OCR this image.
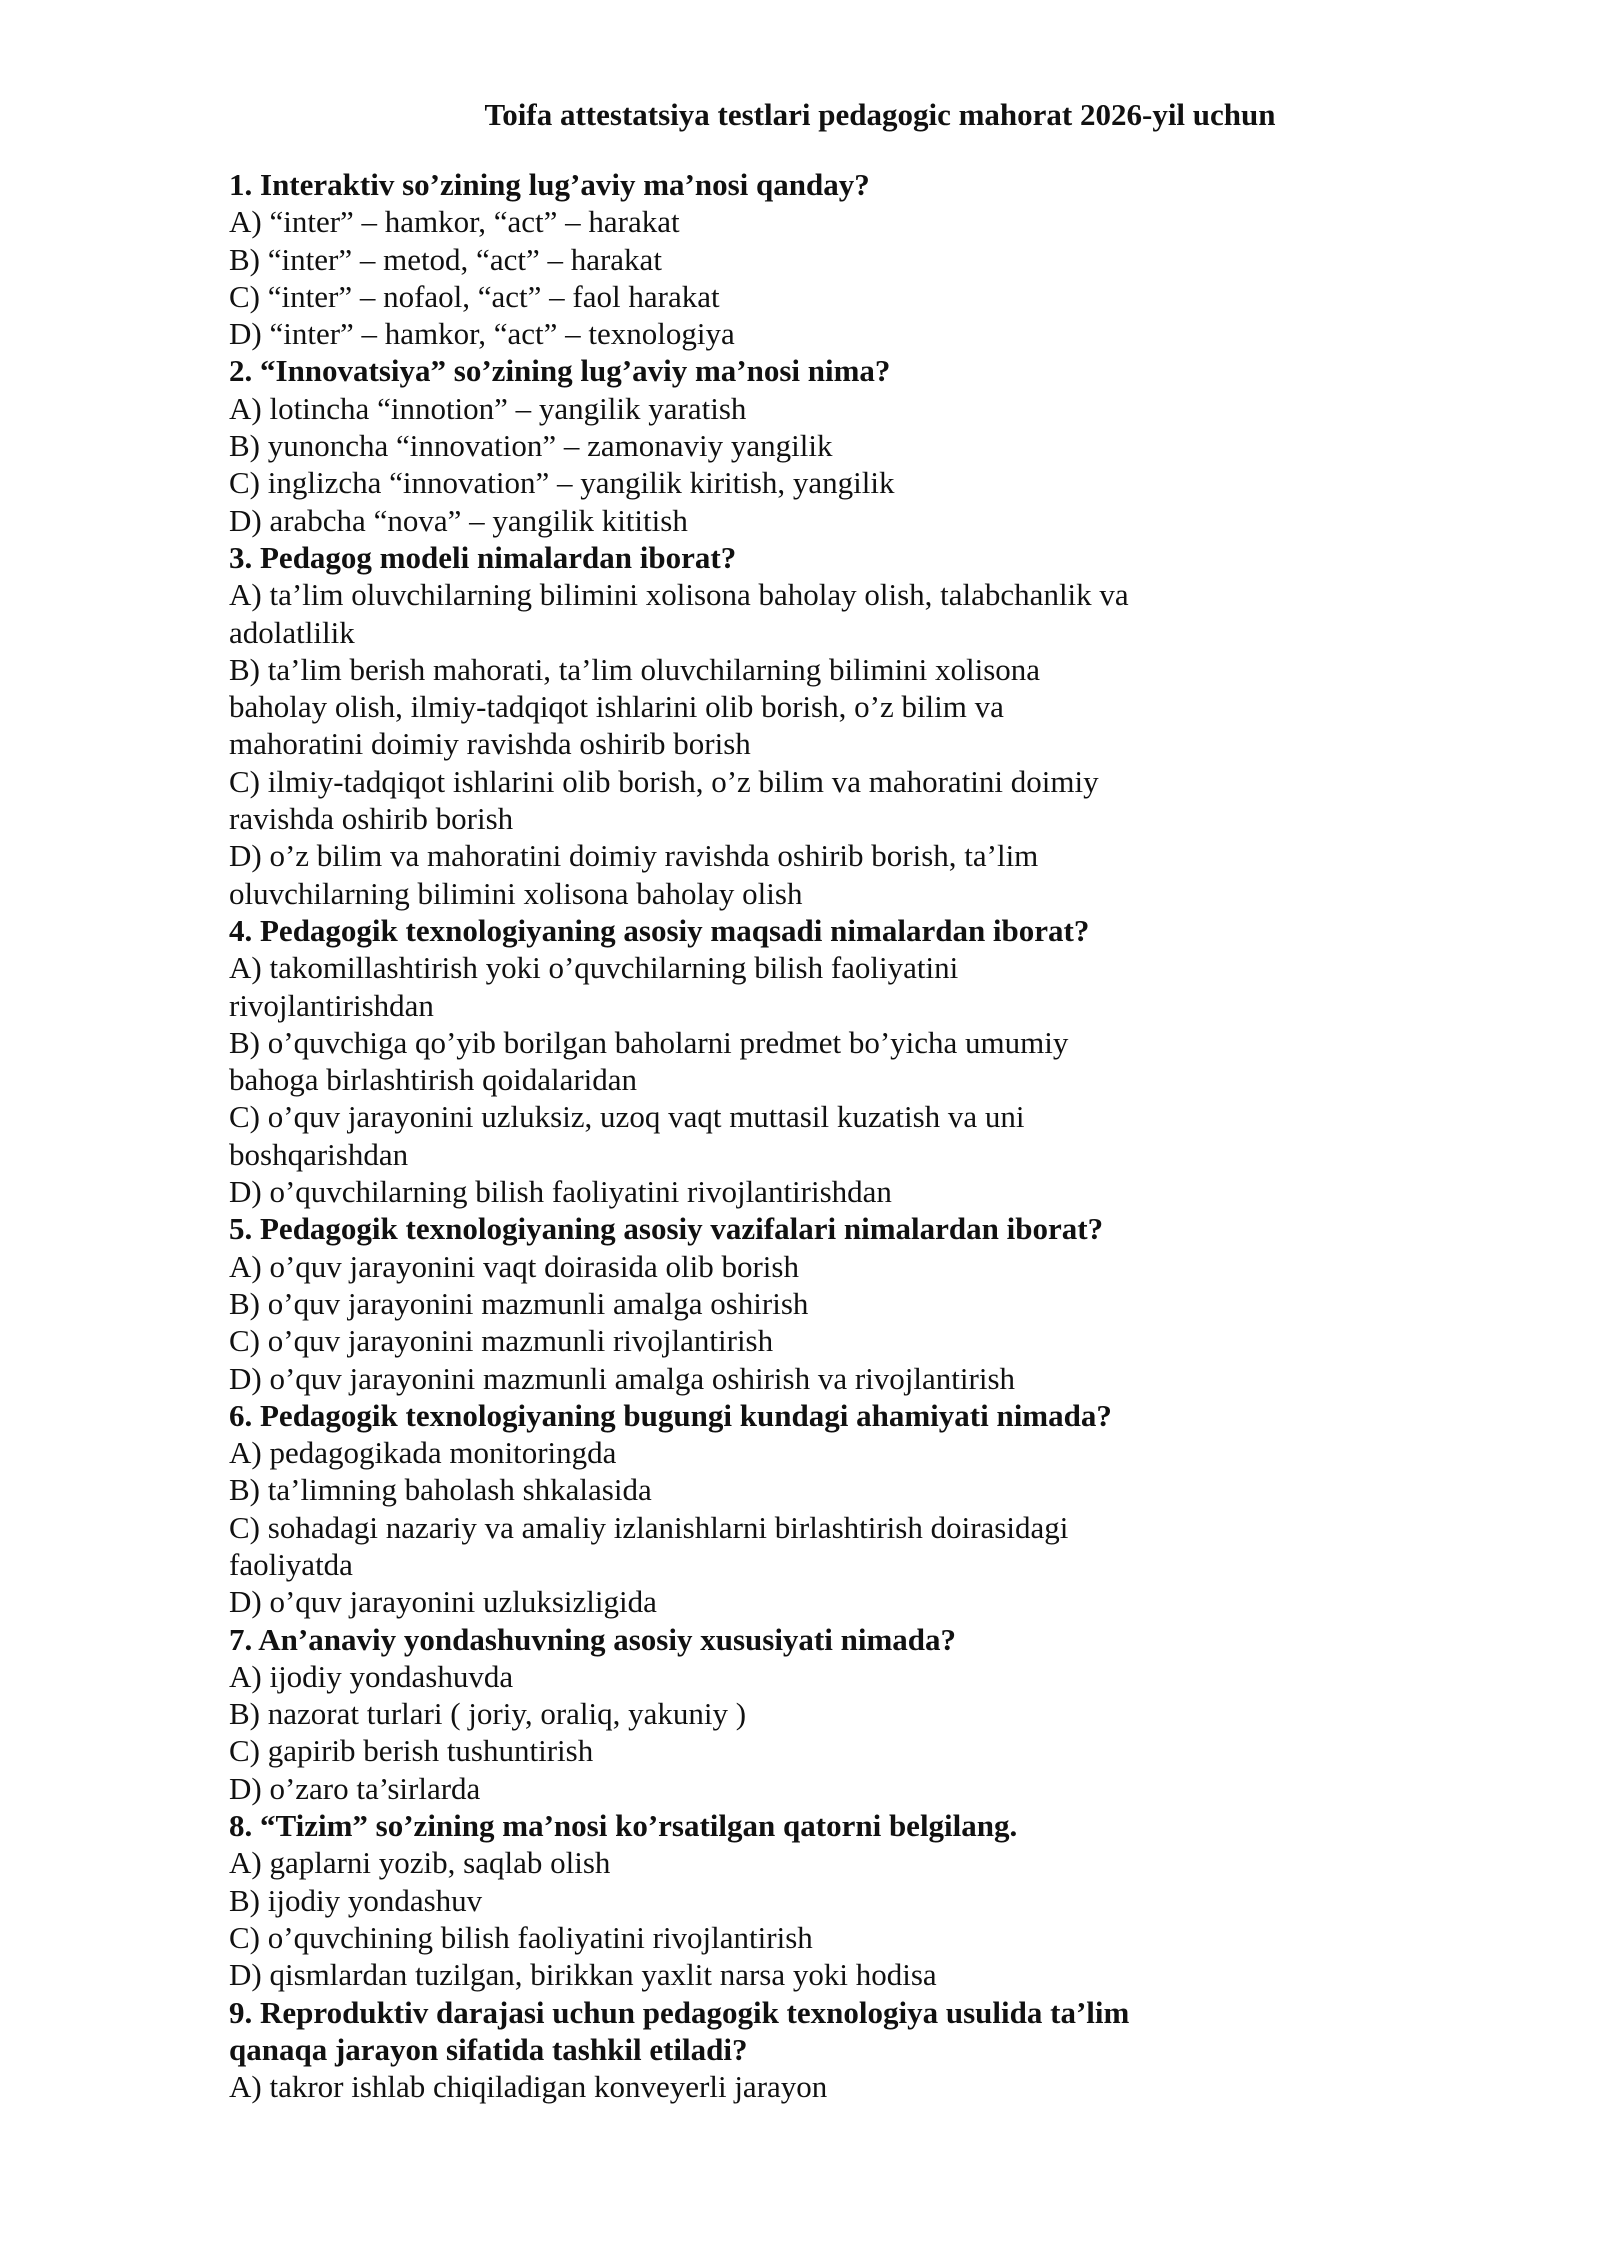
Toifa attestatsiya testlari pedagogic mahorat 2026-yil uchun

1. Interaktiv so’zining lug’aviy ma’nosi qanday?

A) “inter” – hamkor, “act” – harakat

B) “inter” – metod, “act” – harakat

C) “inter” – nofaol, “act” – faol harakat

D) “inter” – hamkor, “act” – texnologiya

2. “Innovatsiya” so’zining lug’aviy ma’nosi nima?

A) lotincha “innotion” – yangilik yaratish

B) yunoncha “innovation” – zamonaviy yangilik

C) inglizcha “innovation” – yangilik kiritish, yangilik

D) arabcha “nova” – yangilik kititish

3. Pedagog modeli nimalardan iborat?

A) ta’lim oluvchilarning bilimini xolisona baholay olish, talabchanlik va adolatlilik

B) ta’lim berish mahorati, ta’lim oluvchilarning bilimini xolisona baholay olish, ilmiy-tadqiqot ishlarini olib borish, o’z bilim va mahoratini doimiy ravishda oshirib borish

C) ilmiy-tadqiqot ishlarini olib borish, o’z bilim va mahoratini doimiy ravishda oshirib borish

D) o’z bilim va mahoratini doimiy ravishda oshirib borish, ta’lim oluvchilarning bilimini xolisona baholay olish

4. Pedagogik texnologiyaning asosiy maqsadi nimalardan iborat?

A) takomillashtirish yoki o’quvchilarning bilish faoliyatini rivojlantirishdan

B) o’quvchiga qo’yib borilgan baholarni predmet bo’yicha umumiy bahoga birlashtirish qoidalaridan

C) o’quv jarayonini uzluksiz, uzoq vaqt muttasil kuzatish va uni boshqarishdan

D) o’quvchilarning bilish faoliyatini rivojlantirishdan

5. Pedagogik texnologiyaning asosiy vazifalari nimalardan iborat?

A) o’quv jarayonini vaqt doirasida olib borish

B) o’quv jarayonini mazmunli amalga oshirish

C) o’quv jarayonini mazmunli rivojlantirish

D) o’quv jarayonini mazmunli amalga oshirish va rivojlantirish

6. Pedagogik texnologiyaning bugungi kundagi ahamiyati nimada?

A) pedagogikada monitoringda

B) ta’limning baholash shkalasida

C) sohadagi nazariy va amaliy izlanishlarni birlashtirish doirasidagi faoliyatda

D) o’quv jarayonini uzluksizligida

7. An’anaviy yondashuvning asosiy xususiyati nimada?

A) ijodiy yondashuvda

B) nazorat turlari ( joriy, oraliq, yakuniy )

C) gapirib berish tushuntirish

D) o’zaro ta’sirlarda

8. “Tizim” so’zining ma’nosi ko’rsatilgan qatorni belgilang.

A) gaplarni yozib, saqlab olish

B) ijodiy yondashuv

C) o’quvchining bilish faoliyatini rivojlantirish

D) qismlardan tuzilgan, birikkan yaxlit narsa yoki hodisa

9. Reproduktiv darajasi uchun pedagogik texnologiya usulida ta’lim qanaqa jarayon sifatida tashkil etiladi?

A) takror ishlab chiqiladigan konveyerli jarayon
